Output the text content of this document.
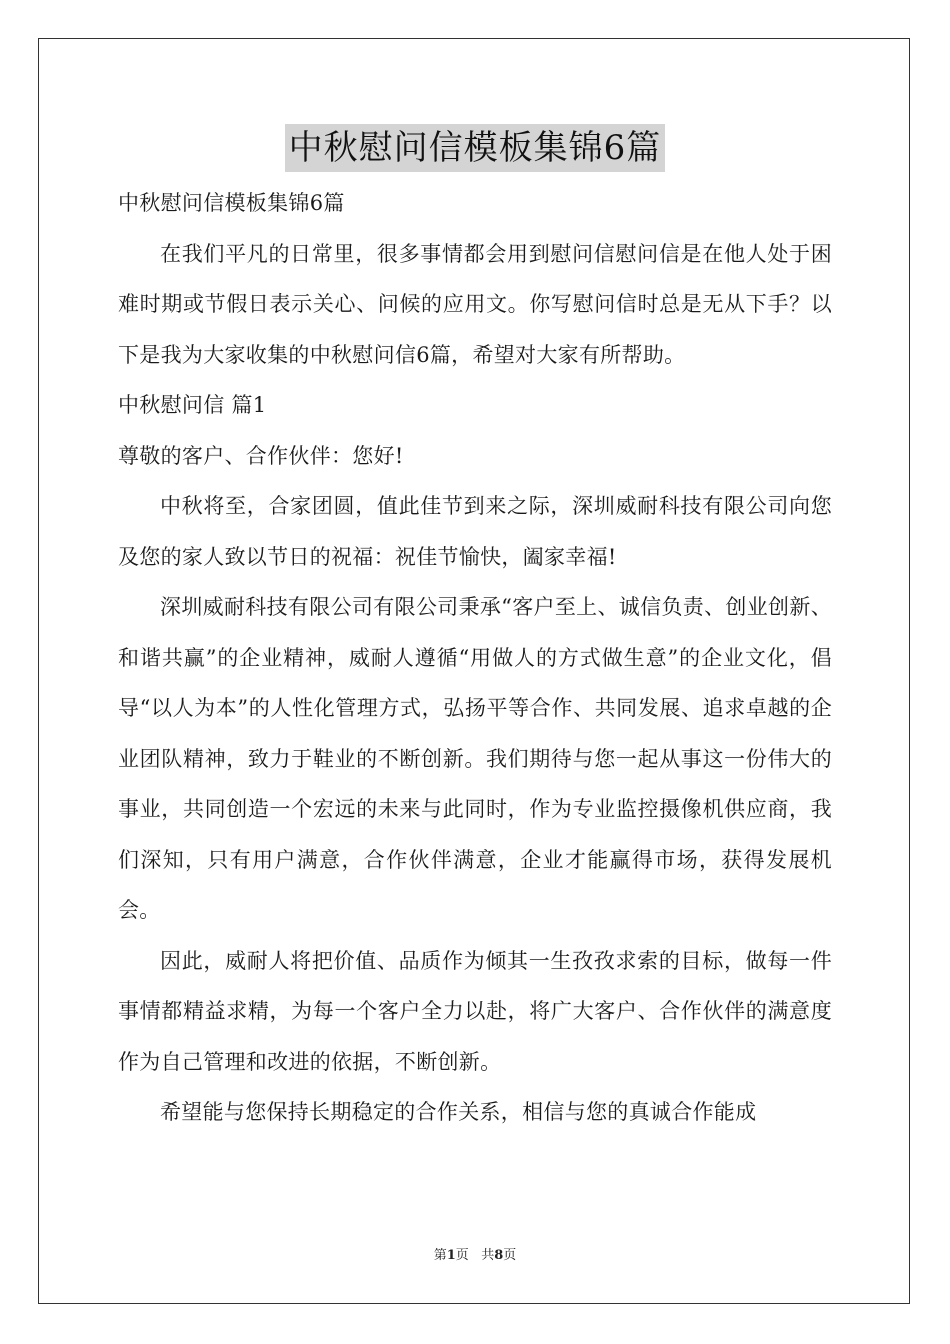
中秋慰问信模板集锦6篇

中秋慰问信模板集锦6篇

在我们平凡的日常里，很多事情都会用到慰问信慰问信是在他人处于困难时期或节假日表示关心、问候的应用文。你写慰问信时总是无从下手？以下是我为大家收集的中秋慰问信6篇，希望对大家有所帮助。

中秋慰问信 篇1

尊敬的客户、合作伙伴：您好!

中秋将至，合家团圆，值此佳节到来之际，深圳威耐科技有限公司向您及您的家人致以节日的祝福：祝佳节愉快，阖家幸福!

深圳威耐科技有限公司有限公司秉承“客户至上、诚信负责、创业创新、和谐共赢”的企业精神，威耐人遵循“用做人的方式做生意”的企业文化，倡导“以人为本”的人性化管理方式，弘扬平等合作、共同发展、追求卓越的企业团队精神，致力于鞋业的不断创新。我们期待与您一起从事这一份伟大的事业，共同创造一个宏远的未来与此同时，作为专业监控摄像机供应商，我们深知，只有用户满意，合作伙伴满意，企业才能赢得市场，获得发展机会。

因此，威耐人将把价值、品质作为倾其一生孜孜求索的目标，做每一件事情都精益求精，为每一个客户全力以赴，将广大客户、合作伙伴的满意度作为自己管理和改进的依据，不断创新。

希望能与您保持长期稳定的合作关系，相信与您的真诚合作能成

第1页 共8页
